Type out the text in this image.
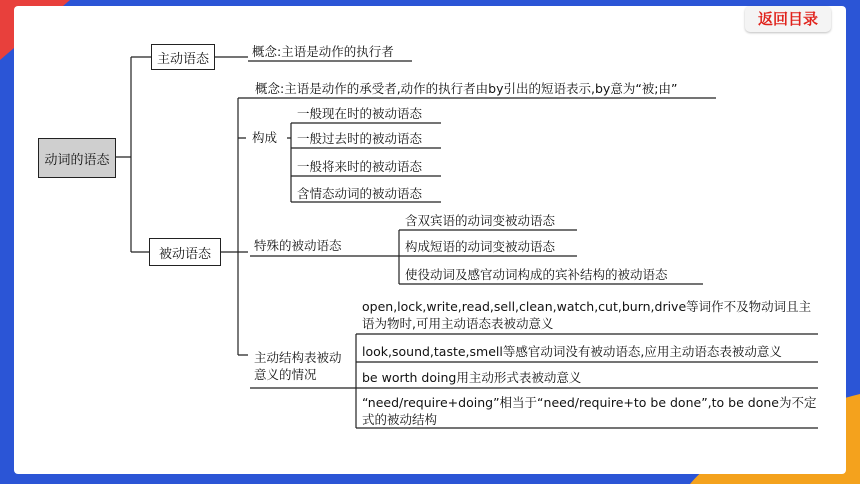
返回目录
动词的语态
主动语态
被动语态
概念:主语是动作的执行者
概念:主语是动作的承受者,动作的执行者由by引出的短语表示,by意为“被;由”
构成
一般现在时的被动语态
一般过去时的被动语态
一般将来时的被动语态
含情态动词的被动语态
特殊的被动语态
含双宾语的动词变被动语态
构成短语的动词变被动语态
使役动词及感官动词构成的宾补结构的被动语态
主动结构表被动意义的情况
open,lock,write,read,sell,clean,watch,cut,burn,drive等词作不及物动词且主语为物时,可用主动语态表被动意义
look,sound,taste,smell等感官动词没有被动语态,应用主动语态表被动意义
be worth doing用主动形式表被动意义
“need/require+doing”相当于“need/require+to be done”,to be done为不定式的被动结构
